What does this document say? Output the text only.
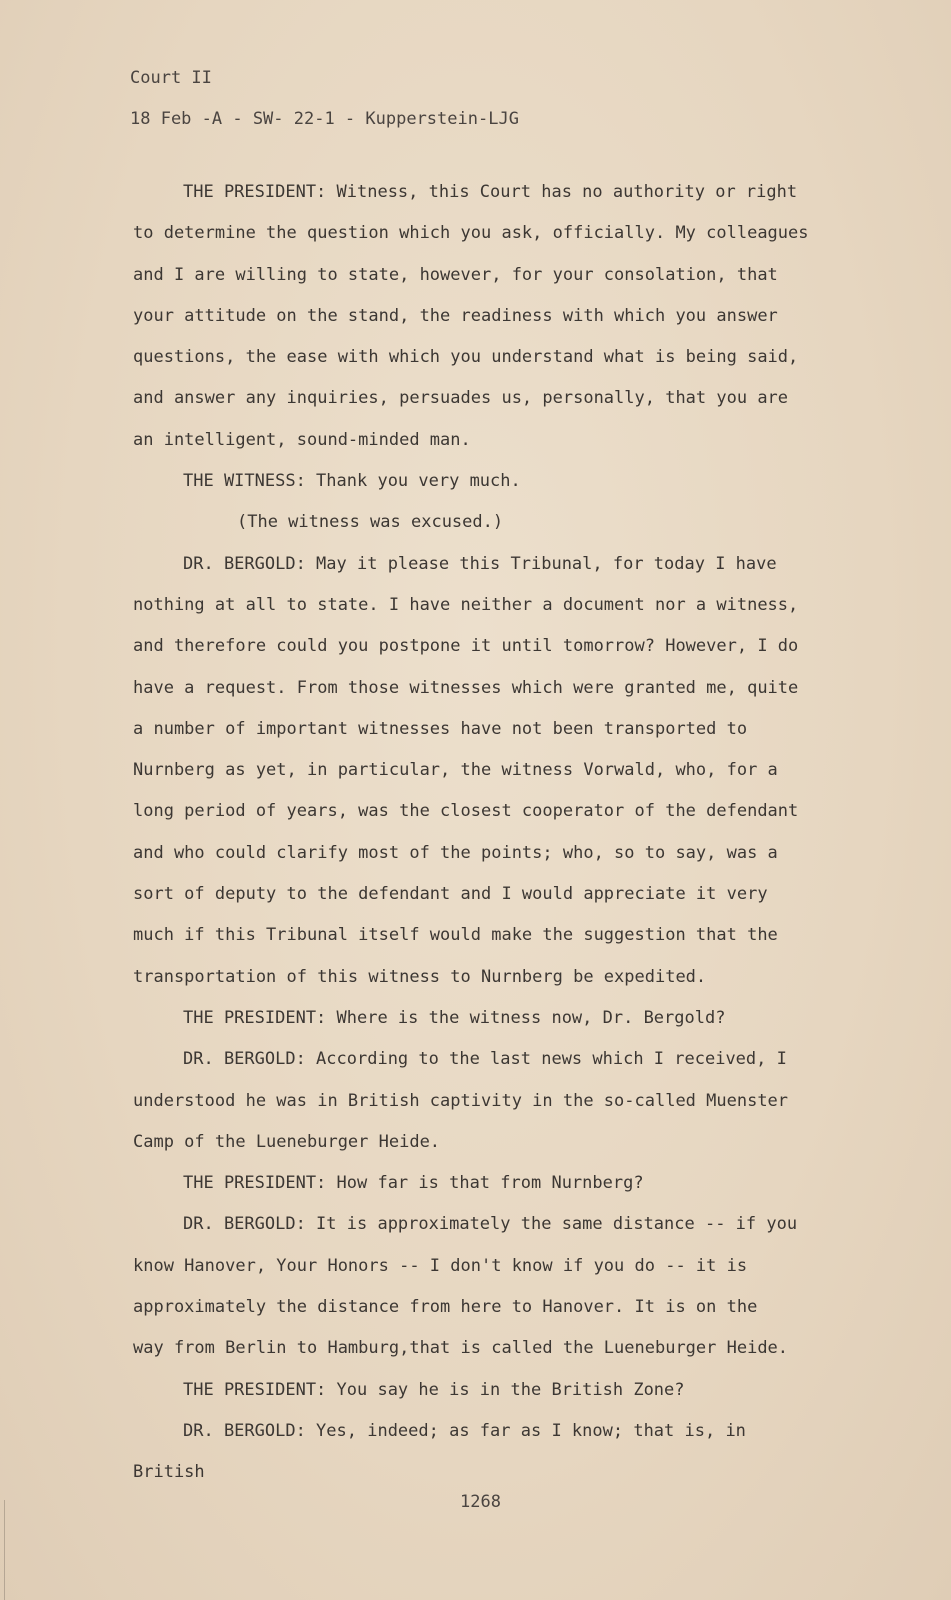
Court II
18 Feb -A - SW- 22-1 - Kupperstein-LJG
THE PRESIDENT: Witness, this Court has no authority or right
to determine the question which you ask, officially. My colleagues
and I are willing to state, however, for your consolation, that
your attitude on the stand, the readiness with which you answer
questions, the ease with which you understand what is being said,
and answer any inquiries, persuades us, personally, that you are
an intelligent, sound-minded man.
THE WITNESS: Thank you very much.
(The witness was excused.)
DR. BERGOLD: May it please this Tribunal, for today I have
nothing at all to state. I have neither a document nor a witness,
and therefore could you postpone it until tomorrow? However, I do
have a request. From those witnesses which were granted me, quite
a number of important witnesses have not been transported to
Nurnberg as yet, in particular, the witness Vorwald, who, for a
long period of years, was the closest cooperator of the defendant
and who could clarify most of the points; who, so to say, was a
sort of deputy to the defendant and I would appreciate it very
much if this Tribunal itself would make the suggestion that the
transportation of this witness to Nurnberg be expedited.
THE PRESIDENT: Where is the witness now, Dr. Bergold?
DR. BERGOLD: According to the last news which I received, I
understood he was in British captivity in the so-called Muenster
Camp of the Lueneburger Heide.
THE PRESIDENT: How far is that from Nurnberg?
DR. BERGOLD: It is approximately the same distance -- if you
know Hanover, Your Honors -- I don't know if you do -- it is
approximately the distance from here to Hanover. It is on the
way from Berlin to Hamburg,that is called the Lueneburger Heide.
THE PRESIDENT: You say he is in the British Zone?
DR. BERGOLD: Yes, indeed; as far as I know; that is, in
British
1268
